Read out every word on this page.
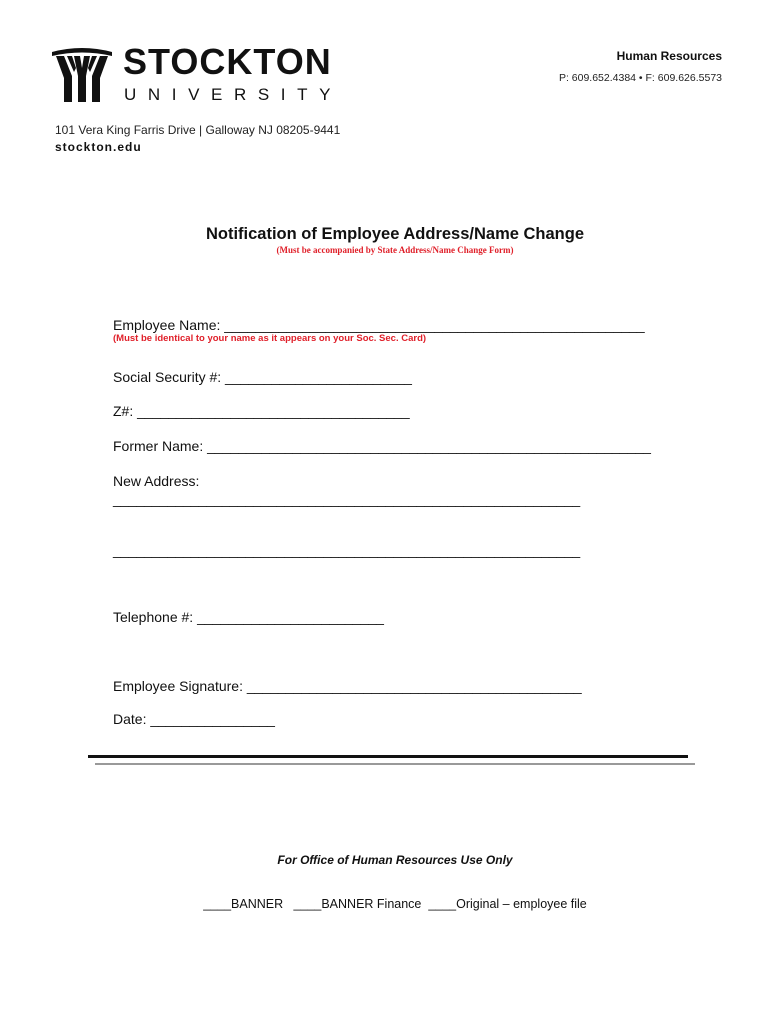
STOCKTON
UNIVERSITY
Human Resources
P: 609.652.4384 • F: 609.626.5573
101 Vera King Farris Drive | Galloway NJ 08205-9441
stockton.edu
Notification of Employee Address/Name Change
(Must be accompanied by State Address/Name Change Form)
Employee Name: ______________________________________________________
(Must be identical to your name as it appears on your Soc. Sec. Card)
Social Security #: ________________________
Z#: ___________________________________
Former Name: _________________________________________________________
New Address:
____________________________________________________________
____________________________________________________________
Telephone #: ________________________
Employee Signature: ___________________________________________
Date: ________________
For Office of Human Resources Use Only
____BANNER   ____BANNER Finance  ____Original – employee file
